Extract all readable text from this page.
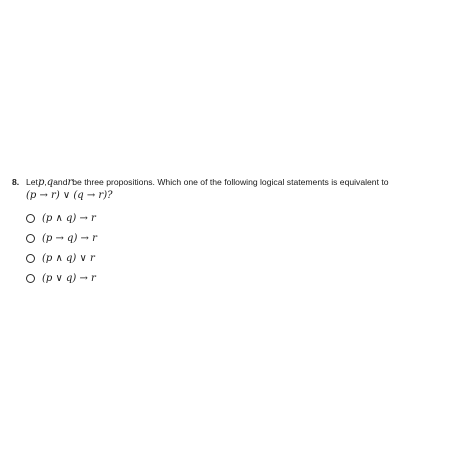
8. Let p , q and r be three propositions. Which one of the following logical statements is equivalent to
(p → r) ∨ (q → r)?
(p ∧ q) → r
(p → q) → r
(p ∧ q) ∨ r
(p ∨ q) → r
